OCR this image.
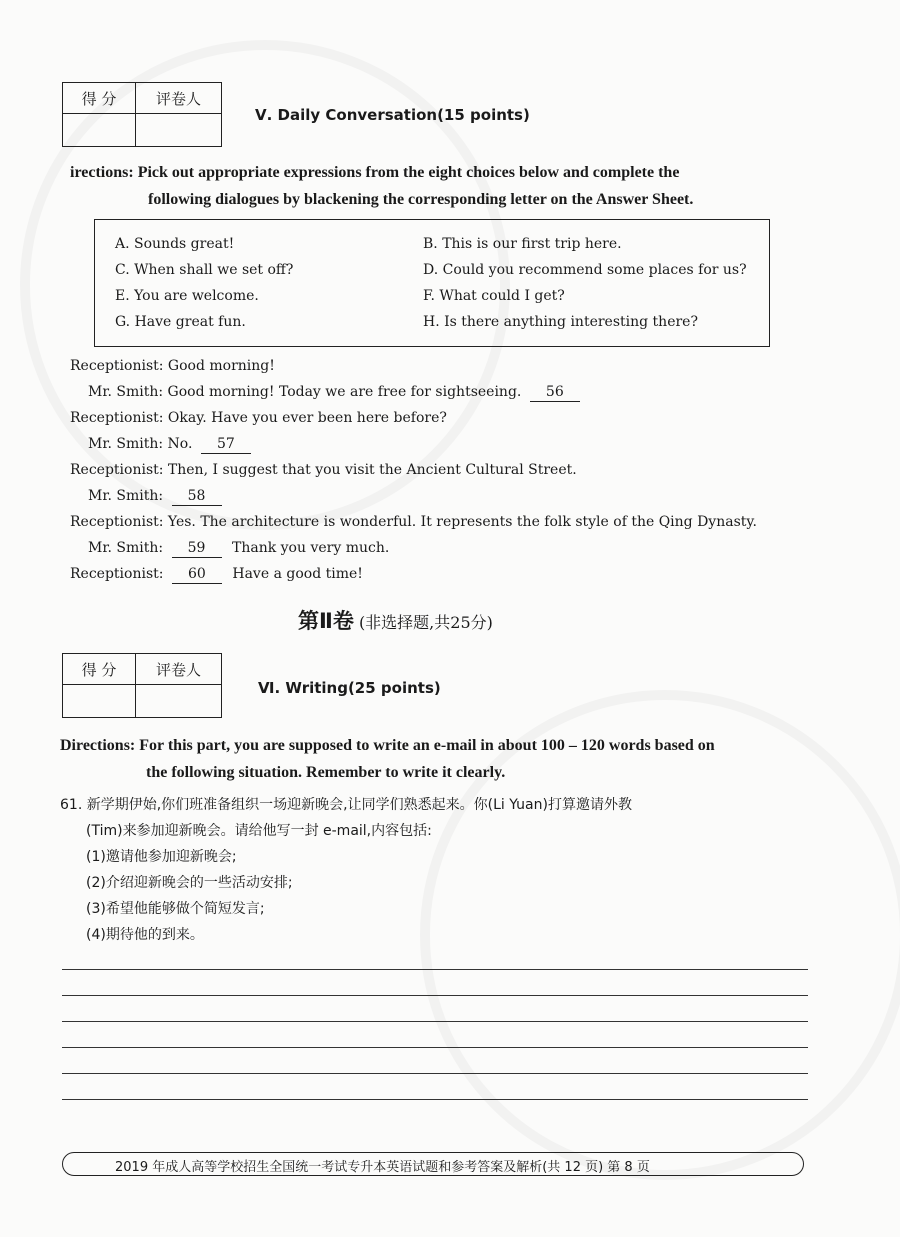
得 分	评卷人

Ⅴ. Daily Conversation(15 points)
irections: Pick out appropriate expressions from the eight choices below and complete the
following dialogues by blackening the corresponding letter on the Answer Sheet.
A. Sounds great!	B. This is our first trip here.
C. When shall we set off?	D. Could you recommend some places for us?
E. You are welcome.	F. What could I get?
G. Have great fun.	H. Is there anything interesting there?
Receptionist: Good morning!
Mr. Smith: Good morning! Today we are free for sightseeing. 56
Receptionist: Okay. Have you ever been here before?
Mr. Smith: No. 57
Receptionist: Then, I suggest that you visit the Ancient Cultural Street.
Mr. Smith: 58
Receptionist: Yes. The architecture is wonderful. It represents the folk style of the Qing Dynasty.
Mr. Smith: 59 Thank you very much.
Receptionist: 60 Have a good time!
第Ⅱ卷 (非选择题,共25分)
得 分	评卷人

Ⅵ. Writing(25 points)
Directions: For this part, you are supposed to write an e-mail in about 100 – 120 words based on
the following situation. Remember to write it clearly.
61. 新学期伊始,你们班准备组织一场迎新晚会,让同学们熟悉起来。你(Li Yuan)打算邀请外教
(Tim)来参加迎新晚会。请给他写一封 e-mail,内容包括:
(1)邀请他参加迎新晚会;
(2)介绍迎新晚会的一些活动安排;
(3)希望他能够做个简短发言;
(4)期待他的到来。
2019 年成人高等学校招生全国统一考试专升本英语试题和参考答案及解析(共 12 页) 第 8 页
